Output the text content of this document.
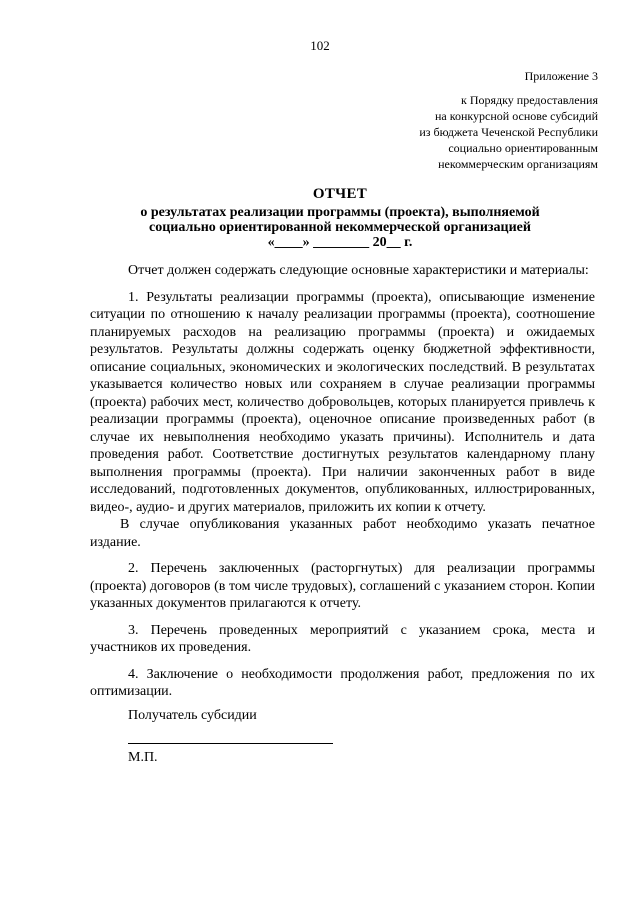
102
Приложение 3
к Порядку предоставления
на конкурсной основе субсидий
из бюджета Чеченской Республики
социально ориентированным
некоммерческим организациям
ОТЧЕТ
о результатах реализации программы (проекта), выполняемой
социально ориентированной некоммерческой организацией
«____» ________ 20__ г.

Отчет должен содержать следующие основные характеристики и материалы:

1. Результаты реализации программы (проекта), описывающие изменение ситуации по отношению к началу реализации программы (проекта), соотношение планируемых расходов на реализацию программы (проекта) и ожидаемых результатов. Результаты должны содержать оценку бюджетной эффективности, описание социальных, экономических и экологических последствий. В результатах указывается количество новых или сохраняем в случае реализации программы (проекта) рабочих мест, количество добровольцев, которых планируется привлечь к реализации программы (проекта), оценочное описание произведенных работ (в случае их невыполнения необходимо указать причины). Исполнитель и дата проведения работ. Соответствие достигнутых результатов календарному плану выполнения программы (проекта). При наличии законченных работ в виде исследований, подготовленных документов, опубликованных, иллюстрированных, видео-, аудио- и других материалов, приложить их копии к отчету.

В случае опубликования указанных работ необходимо указать печатное издание.

2. Перечень заключенных (расторгнутых) для реализации программы (проекта) договоров (в том числе трудовых), соглашений с указанием сторон. Копии указанных документов прилагаются к отчету.

3. Перечень проведенных мероприятий с указанием срока, места и участников их проведения.

4. Заключение о необходимости продолжения работ, предложения по их оптимизации.

Получатель субсидии
М.П.
